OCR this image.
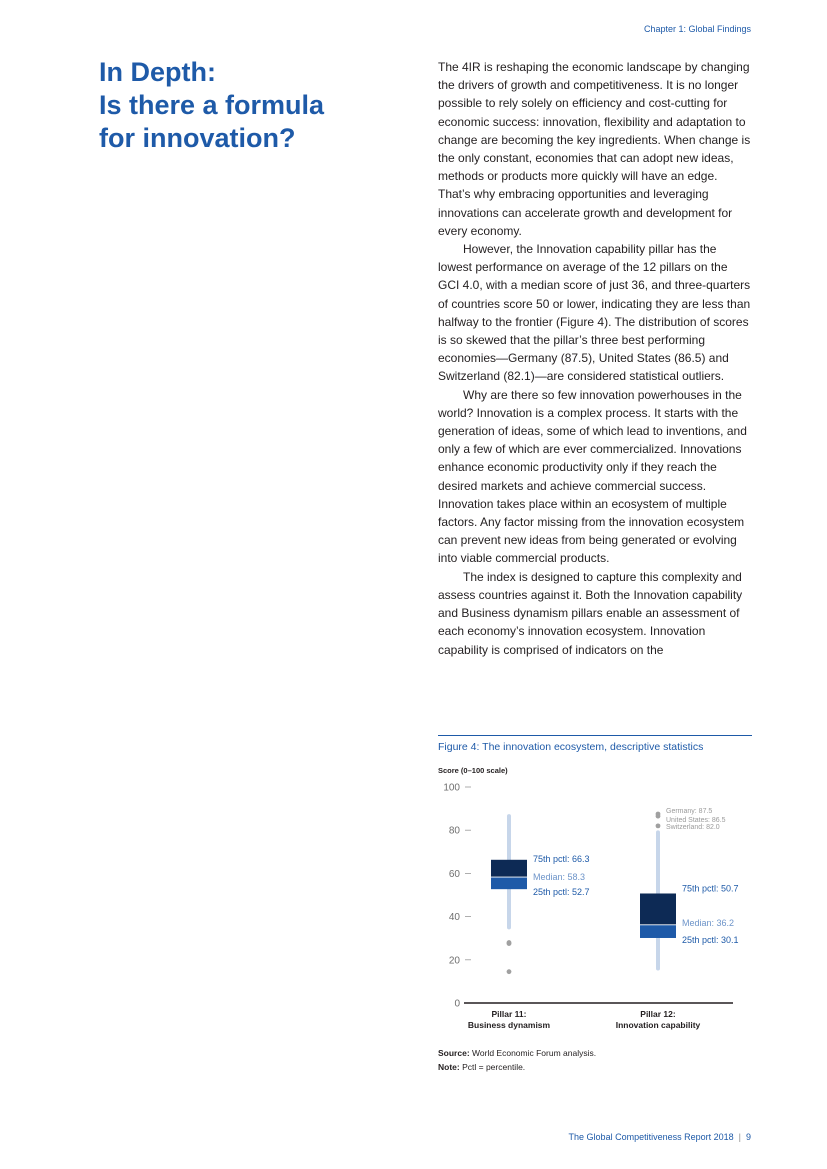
Chapter 1: Global Findings
In Depth:
Is there a formula
for innovation?

The 4IR is reshaping the economic landscape by changing the drivers of growth and competitiveness. It is no longer possible to rely solely on efficiency and cost-cutting for economic success: innovation, flexibility and adaptation to change are becoming the key ingredients. When change is the only constant, economies that can adopt new ideas, methods or products more quickly will have an edge. That’s why embracing opportunities and leveraging innovations can accelerate growth and development for every economy.

However, the Innovation capability pillar has the lowest performance on average of the 12 pillars on the GCI 4.0, with a median score of just 36, and three-quarters of countries score 50 or lower, indicating they are less than halfway to the frontier (Figure 4). The distribution of scores is so skewed that the pillar’s three best performing economies—Germany (87.5), United States (86.5) and Switzerland (82.1)—are considered statistical outliers.

Why are there so few innovation powerhouses in the world? Innovation is a complex process. It starts with the generation of ideas, some of which lead to inventions, and only a few of which are ever commercialized. Innovations enhance economic productivity only if they reach the desired markets and achieve commercial success. Innovation takes place within an ecosystem of multiple factors. Any factor missing from the innovation ecosystem can prevent new ideas from being generated or evolving into viable commercial products.

The index is designed to capture this complexity and assess countries against it. Both the Innovation capability and Business dynamism pillars enable an assessment of each economy’s innovation ecosystem. Innovation capability is comprised of indicators on the

Figure 4: The innovation ecosystem, descriptive statistics
Score (0–100 scale)
0
20
40
60
80
100
75th pctl: 66.3
Median: 58.3
25th pctl: 52.7	75th pctl: 50.7
Median: 36.2
25th pctl: 30.1
Germany: 87.5
United States: 86.5
Switzerland: 82.0
Pillar 11:
Business dynamism
Pillar 12:
Innovation capability

Source: World Economic Forum analysis.

Note: Pctl = percentile.

The Global Competitiveness Report 2018 | 9
